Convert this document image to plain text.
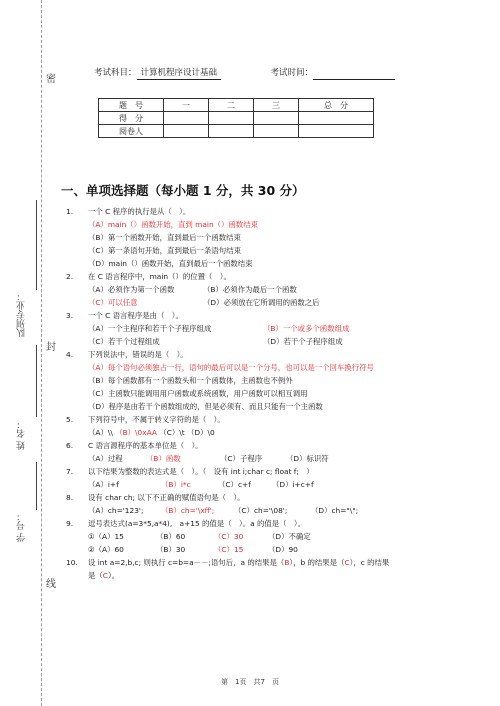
密
封
线
队别专业：
姓 名：
学 号：
考试科目： 计算机程序设计基础	考试时间：
题　号	一	二	三	总　分
得　分				
阅卷人				
一、单项选择题（每小题 1 分，共 30 分）
1. 一个 C 程序的执行是从（　）。
（A）main（）函数开始，直到 main（）函数结束
（B）第一个函数开始，直到最后一个函数结束
（C）第一条语句开始，直到最后一条语句结束
（D）main（）函数开始，直到最后一个函数结束
2. 在 C 语言程序中，main（）的位置（　）。
（A）必须作为第一个函数	（B）必须作为最后一个函数
（C）可以任意	（D）必须放在它所调用的函数之后
3. 一个 C 语言程序是由（　）。
（A）一个主程序和若干个子程序组成	（B）一个或多个函数组成
（C）若干个过程组成	（D）若干个子程序组成
4. 下列说法中，错误的是（　）。
（A）每个语句必须独占一行，语句的最后可以是一个分号，也可以是一个回车换行符号
（B）每个函数都有一个函数头和一个函数体，主函数也不例外
（C）主函数只能调用用户函数或系统函数，用户函数可以相互调用
（D）程序是由若干个函数组成的，但是必须有、而且只能有一个主函数
5. 下列符号中，不属于转义字符的是（　）。
（A）\\ （B）\0xAA （C）\t （D）\0
6. C 语言源程序的基本单位是（　）。
（A）过程	（B）函数	（C）子程序	（D）标识符
7. 以下结果为整数的表达式是（　）。（　设有 int i;char c; float f;　）
（A）i+f	（B）i*c	（C）c+f	（D）i+c+f
8. 设有 char ch; 以下不正确的赋值语句是（　）。
（A）ch='123'; （B）ch='\xff';	（C）ch='\08';	（D）ch="\";
9. 逗号表达式(a=3*5,a*4),　a+15 的值是（　）。a 的值是（　）。
①（A）15	（B）60	（C）30	（D）不确定
②（A）60	（B）30	（C）15	（D）90
10. 设 int a=2,b,c; 则执行 c=b=a－－;语句后，a 的结果是（B），b 的结果是（C），c 的结果
是（C）。
第　1页　共7　页
